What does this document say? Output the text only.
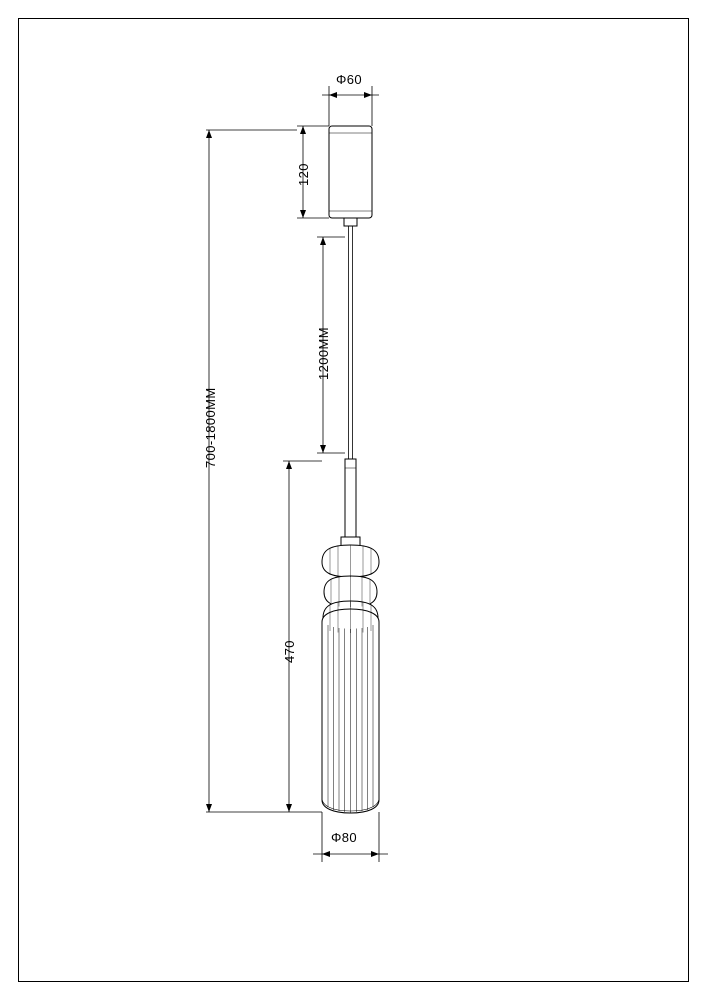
Φ60
120
1200MM
700-1800MM
470
Φ80
